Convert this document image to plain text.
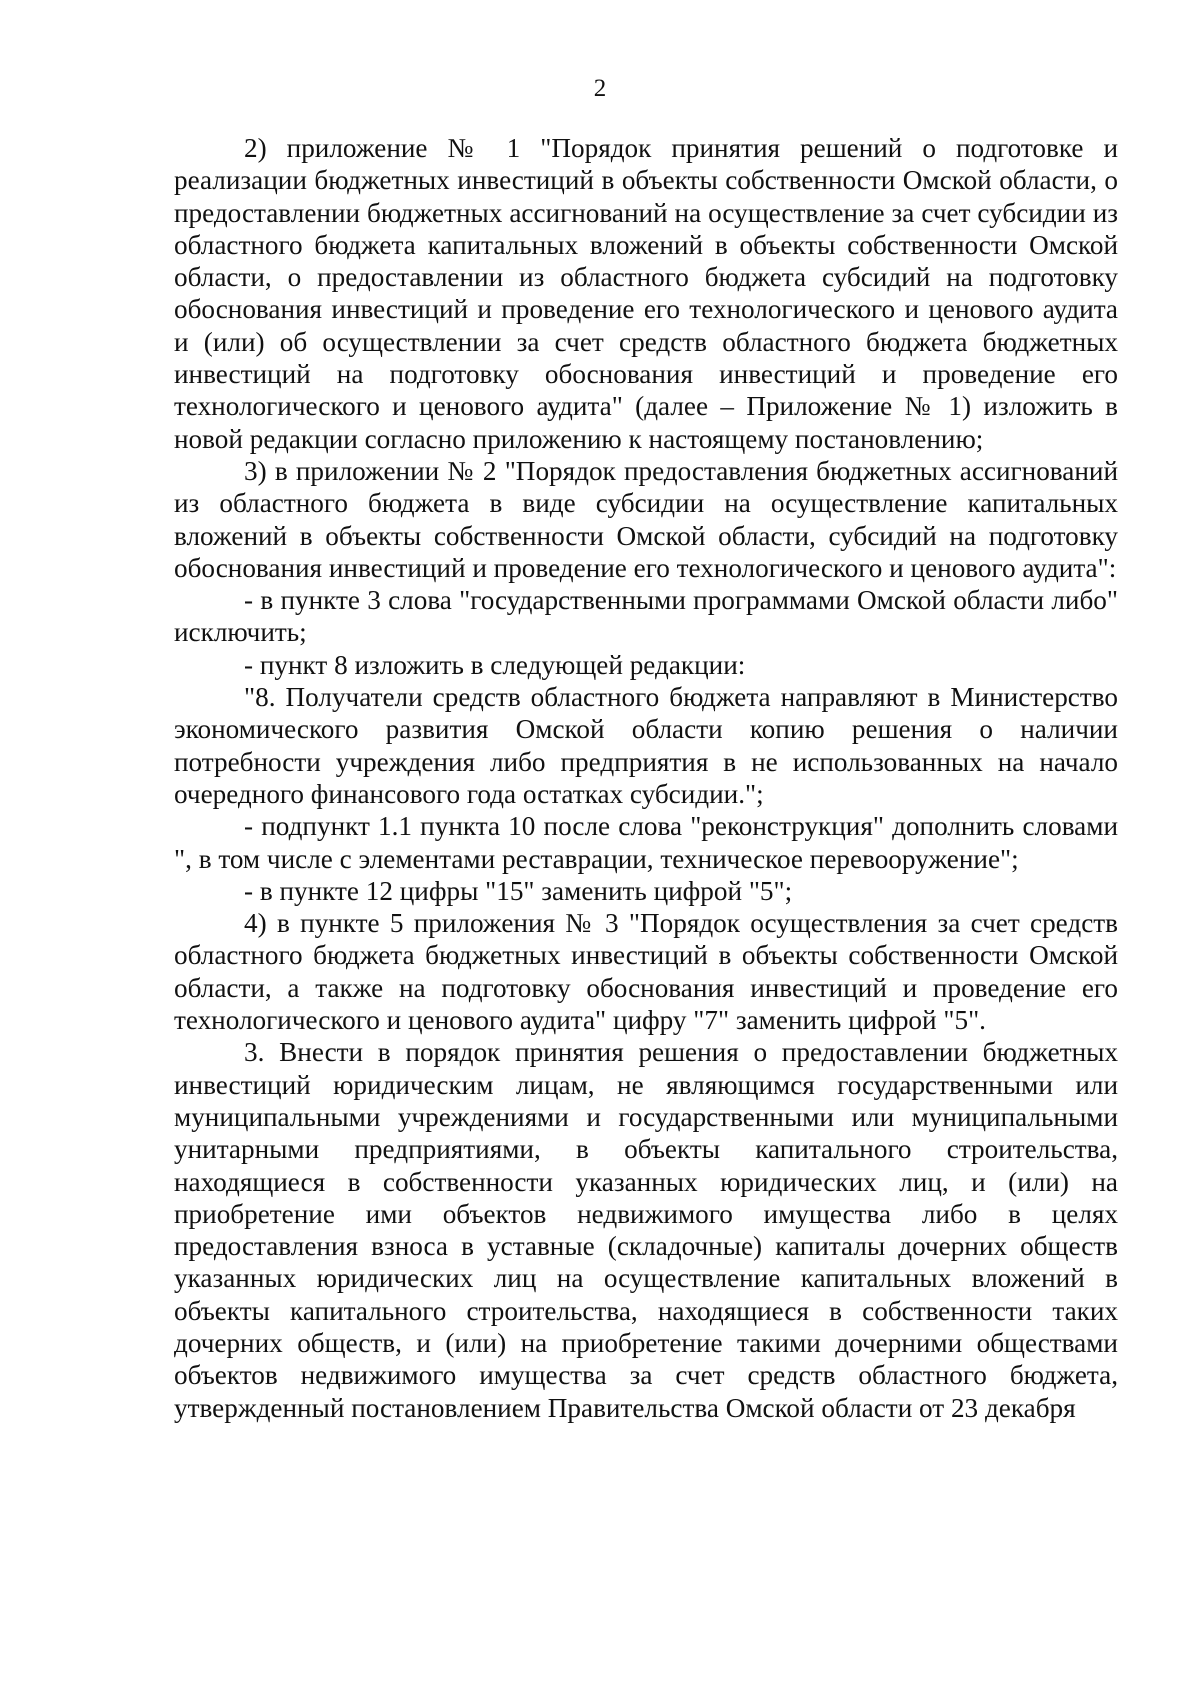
2

2) приложение № 1 "Порядок принятия решений о подготовке и реализации бюджетных инвестиций в объекты собственности Омской области, о предоставлении бюджетных ассигнований на осуществление за счет субсидии из областного бюджета капитальных вложений в объекты собственности Омской области, о предоставлении из областного бюджета субсидий на подготовку обоснования инвестиций и проведение его технологического и ценового аудита и (или) об осуществлении за счет средств областного бюджета бюджетных инвестиций на подготовку обоснования инвестиций и проведение его технологического и ценового аудита" (далее – Приложение № 1) изложить в новой редакции согласно приложению к настоящему постановлению;

3) в приложении № 2 "Порядок предоставления бюджетных ассигнований из областного бюджета в виде субсидии на осуществление капитальных вложений в объекты собственности Омской области, субсидий на подготовку обоснования инвестиций и проведение его технологического и ценового аудита":

- в пункте 3 слова "государственными программами Омской области либо" исключить;

- пункт 8 изложить в следующей редакции:

"8. Получатели средств областного бюджета направляют в Министерство экономического развития Омской области копию решения о наличии потребности учреждения либо предприятия в не использованных на начало очередного финансового года остатках субсидии.";

- подпункт 1.1 пункта 10 после слова "реконструкция" дополнить словами ", в том числе с элементами реставрации, техническое перевооружение";

- в пункте 12 цифры "15" заменить цифрой "5";

4) в пункте 5 приложения № 3 "Порядок осуществления за счет средств областного бюджета бюджетных инвестиций в объекты собственности Омской области, а также на подготовку обоснования инвестиций и проведение его технологического и ценового аудита" цифру "7" заменить цифрой "5".

3. Внести в порядок принятия решения о предоставлении бюджетных инвестиций юридическим лицам, не являющимся государственными или муниципальными учреждениями и государственными или муниципальными унитарными предприятиями, в объекты капитального строительства, находящиеся в собственности указанных юридических лиц, и (или) на приобретение ими объектов недвижимого имущества либо в целях предоставления взноса в уставные (складочные) капиталы дочерних обществ указанных юридических лиц на осуществление капитальных вложений в объекты капитального строительства, находящиеся в собственности таких дочерних обществ, и (или) на приобретение такими дочерними обществами объектов недвижимого имущества за счет средств областного бюджета, утвержденный постановлением Правительства Омской области от 23 декабря
